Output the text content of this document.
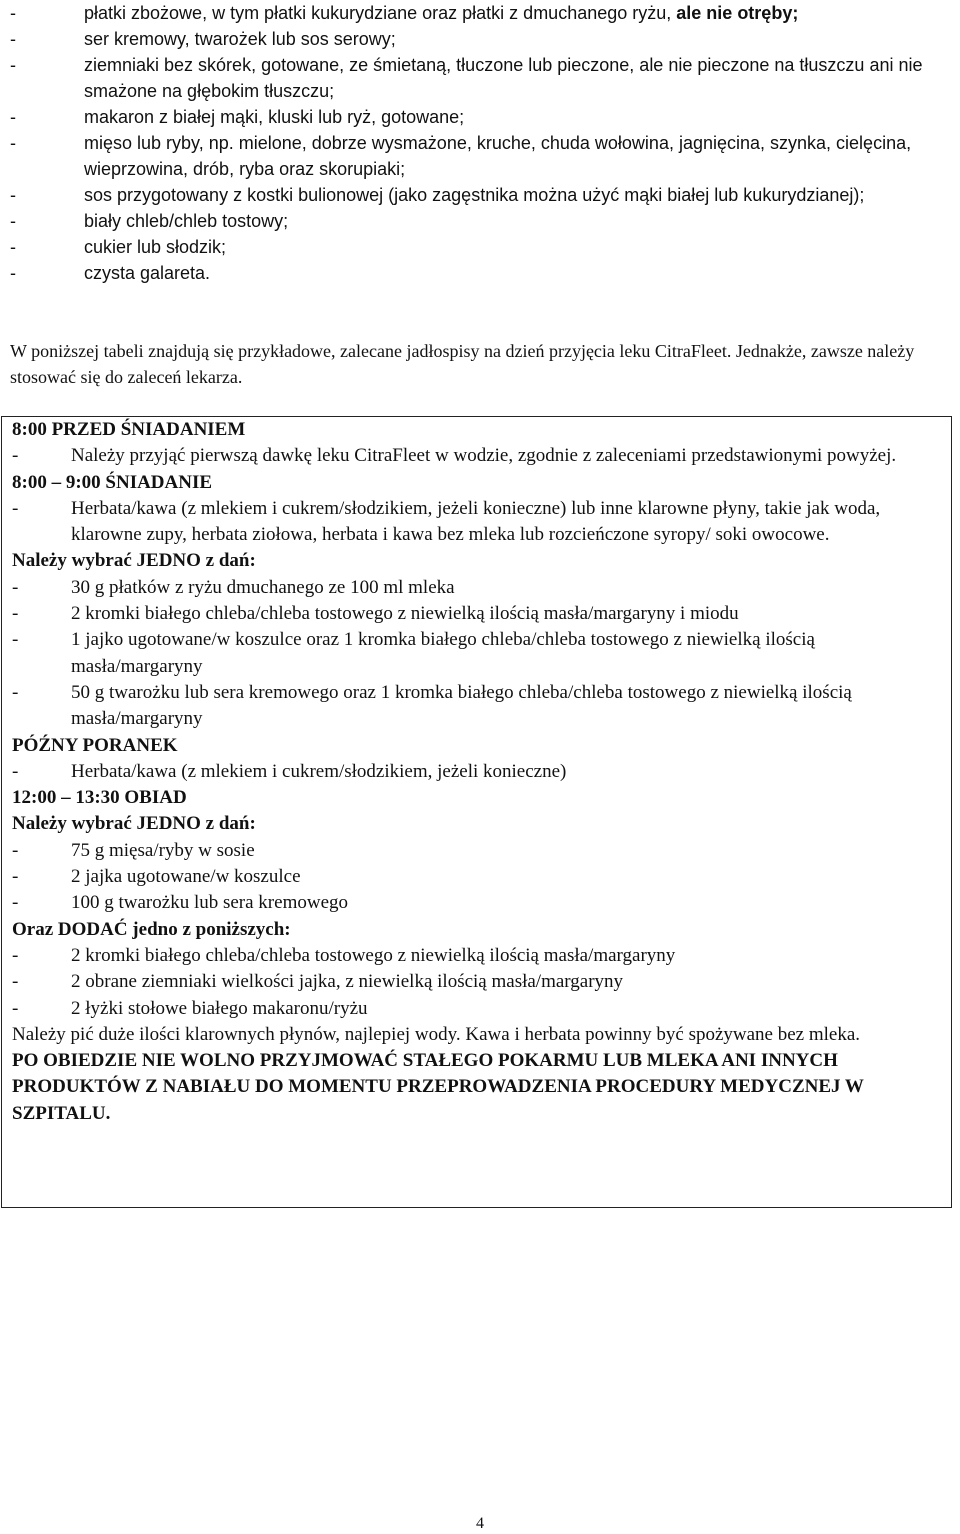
-	płatki zbożowe, w tym płatki kukurydziane oraz płatki z dmuchanego ryżu, ale nie otręby;
-	ser kremowy, twarożek lub sos serowy;
-	ziemniaki bez skórek, gotowane, ze śmietaną, tłuczone lub pieczone, ale nie pieczone na tłuszczu ani nie smażone na głębokim tłuszczu;
-	makaron z białej mąki, kluski lub ryż, gotowane;
-	mięso lub ryby, np. mielone, dobrze wysmażone, kruche, chuda wołowina, jagnięcina, szynka, cielęcina, wieprzowina, drób, ryba oraz skorupiaki;
-	sos przygotowany z kostki bulionowej (jako zagęstnika można użyć mąki białej lub kukurydzianej);
-	biały chleb/chleb tostowy;
-	cukier lub słodzik;
-	czysta galareta.
W poniższej tabeli znajdują się przykładowe, zalecane jadłospisy na dzień przyjęcia leku CitraFleet. Jednakże, zawsze należy stosować się do zaleceń lekarza.
8:00 PRZED ŚNIADANIEM
-	Należy przyjąć pierwszą dawkę leku CitraFleet w wodzie, zgodnie z zaleceniami przedstawionymi powyżej.
8:00 – 9:00 ŚNIADANIE
-	Herbata/kawa (z mlekiem i cukrem/słodzikiem, jeżeli konieczne) lub inne klarowne płyny, takie jak woda, klarowne zupy, herbata ziołowa, herbata i kawa bez mleka lub rozcieńczone syropy/ soki owocowe.
Należy wybrać JEDNO z dań:
-	30 g płatków z ryżu dmuchanego ze 100 ml mleka
-	2 kromki białego chleba/chleba tostowego z niewielką ilością masła/margaryny i miodu
-	1 jajko ugotowane/w koszulce oraz 1 kromka białego chleba/chleba tostowego z niewielką ilością masła/margaryny
-	50 g twarożku lub sera kremowego oraz 1 kromka białego chleba/chleba tostowego z niewielką ilością masła/margaryny
PÓŹNY PORANEK
-	Herbata/kawa (z mlekiem i cukrem/słodzikiem, jeżeli konieczne)
12:00 – 13:30 OBIAD
Należy wybrać JEDNO z dań:
-	75 g mięsa/ryby w sosie
-	2 jajka ugotowane/w koszulce
-	100 g twarożku lub sera kremowego
Oraz DODAĆ jedno z poniższych:
-	2 kromki białego chleba/chleba tostowego z niewielką ilością masła/margaryny
-	2 obrane ziemniaki wielkości jajka, z niewielką ilością masła/margaryny
-	2 łyżki stołowe białego makaronu/ryżu
Należy pić duże ilości klarownych płynów, najlepiej wody. Kawa i herbata powinny być spożywane bez mleka.
PO OBIEDZIE NIE WOLNO PRZYJMOWAĆ STAŁEGO POKARMU LUB MLEKA ANI INNYCH PRODUKTÓW Z NABIAŁU DO MOMENTU PRZEPROWADZENIA PROCEDURY MEDYCZNEJ W SZPITALU.
4
